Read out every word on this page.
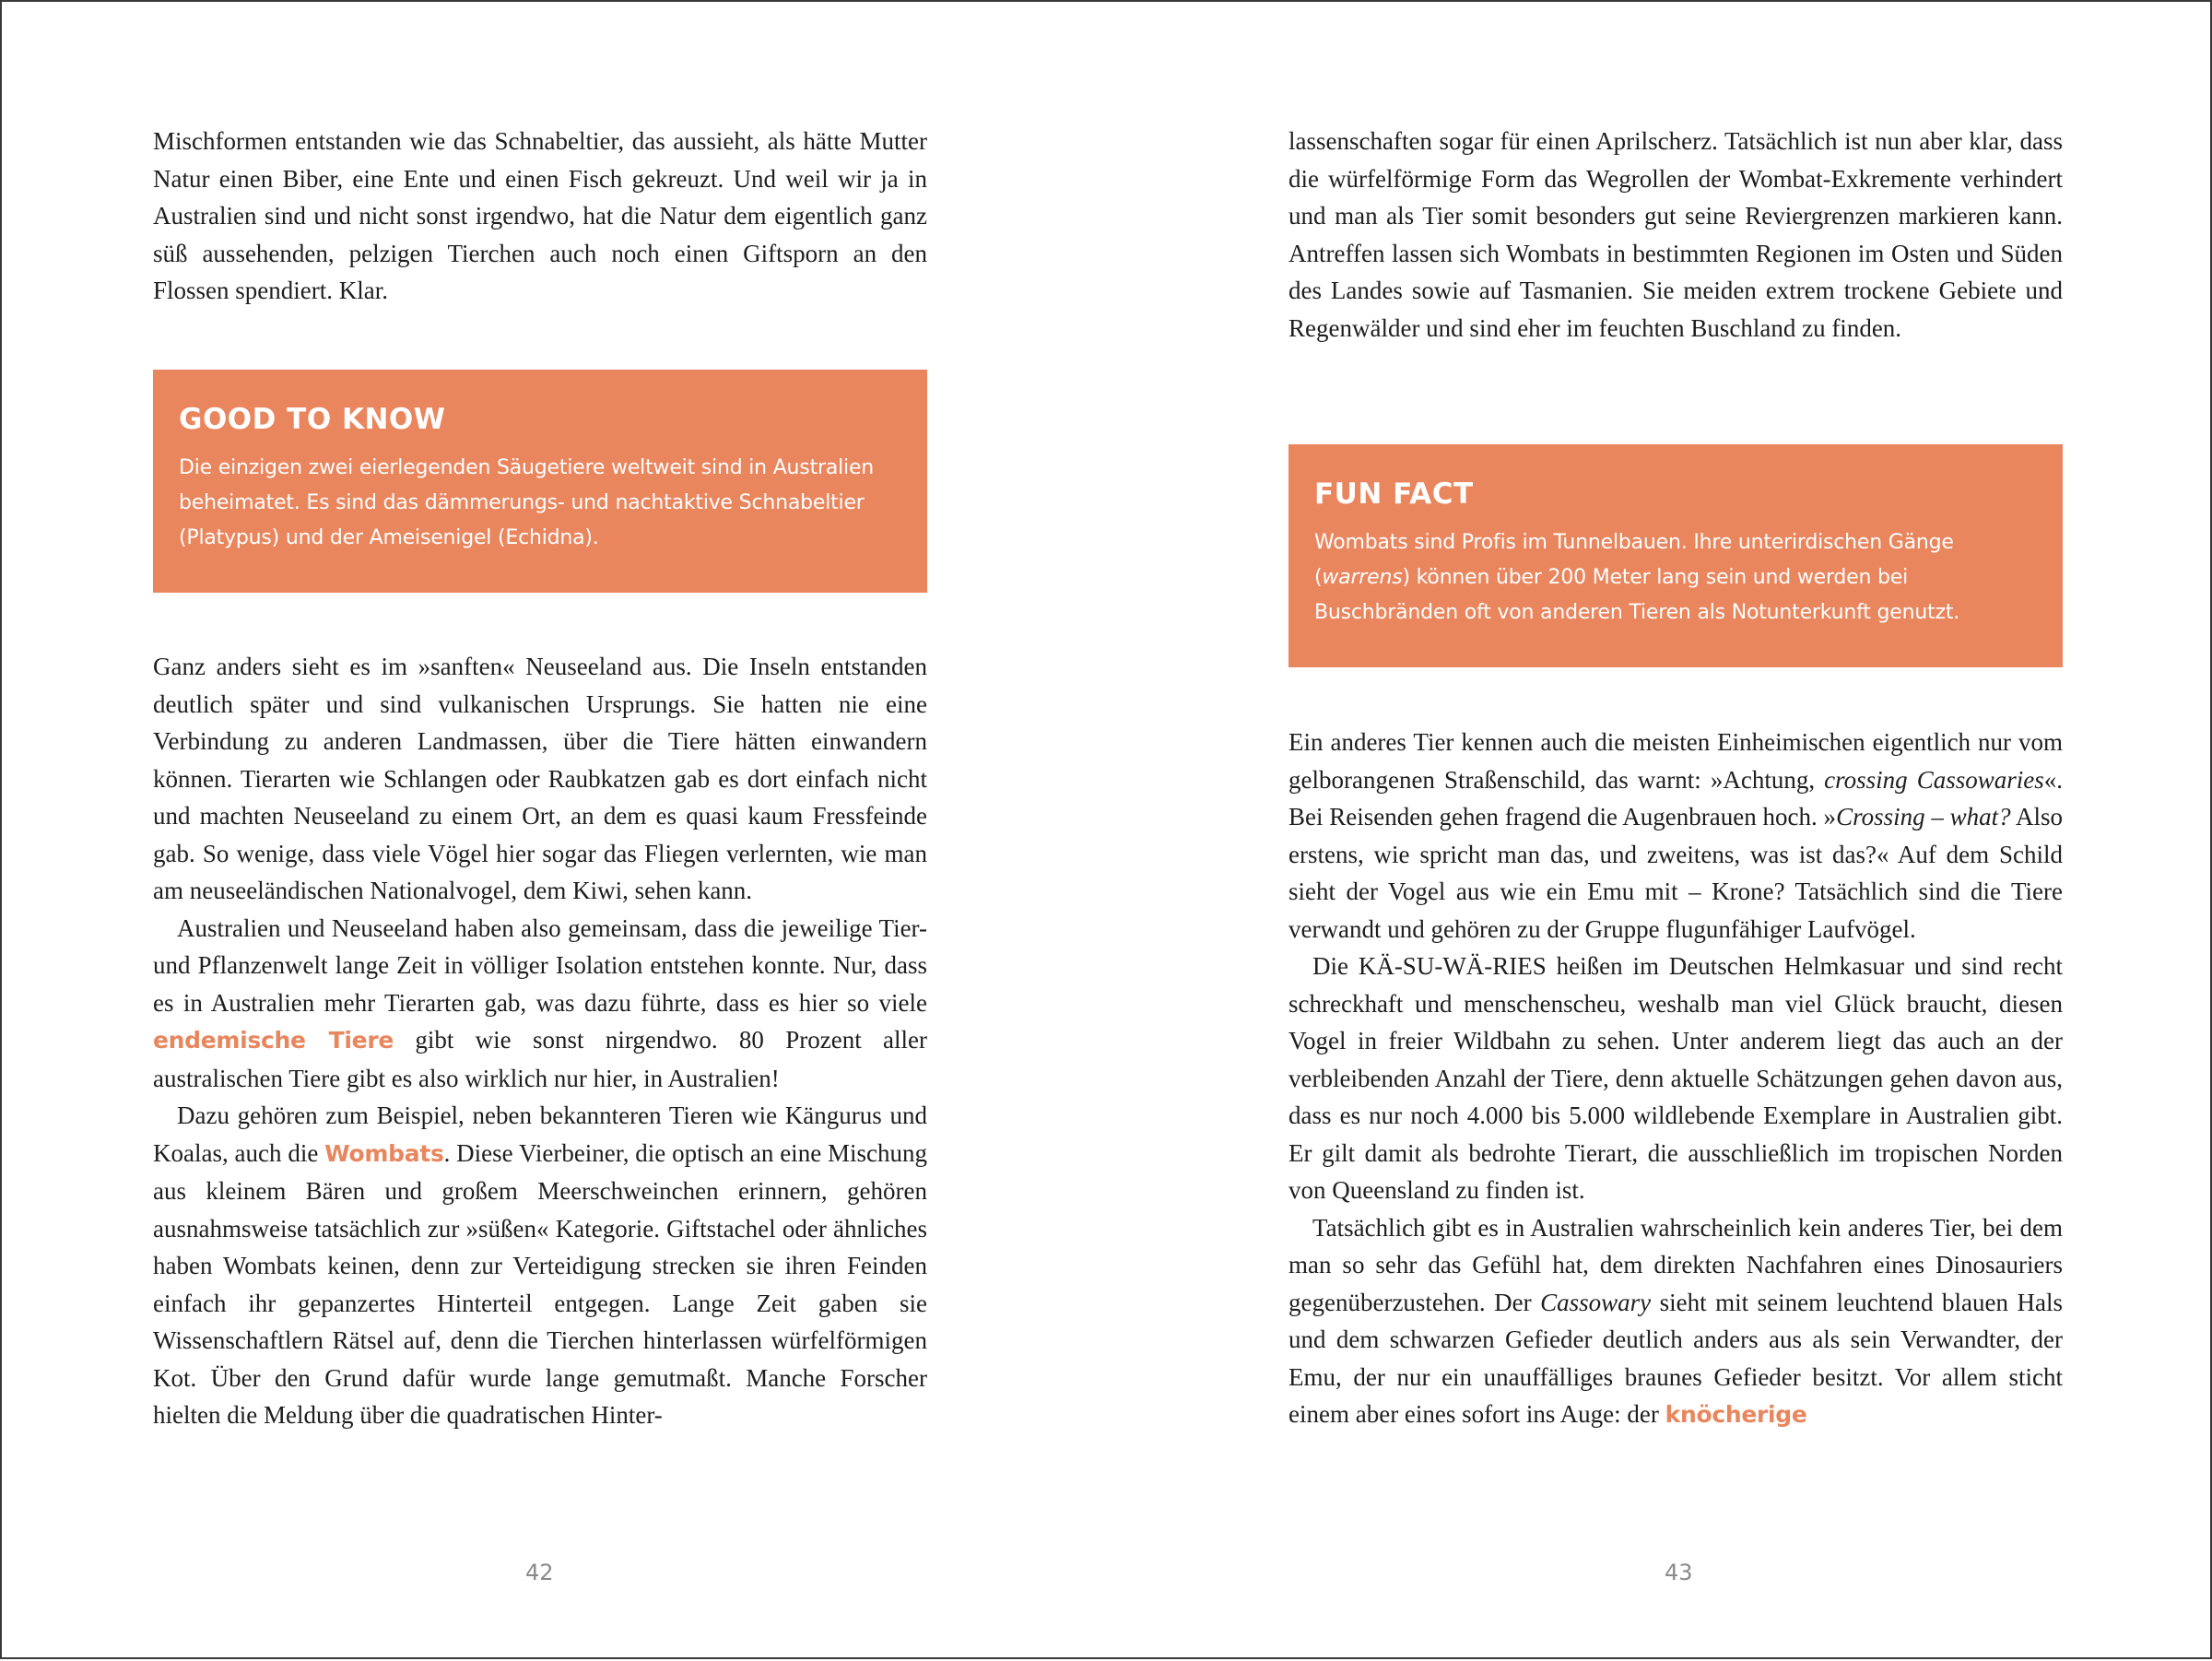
Mischformen entstanden wie das Schnabeltier, das aussieht, als hätte Mutter Natur einen Biber, eine Ente und einen Fisch gekreuzt. Und weil wir ja in Australien sind und nicht sonst irgendwo, hat die Natur dem eigentlich ganz süß aussehenden, pelzigen Tierchen auch noch einen Giftsporn an den Flossen spendiert. Klar.

GOOD TO KNOW
Die einzigen zwei eierlegenden Säugetiere weltweit sind in Australien beheimatet. Es sind das dämmerungs- und nachtaktive Schnabeltier (Platypus) und der Ameisenigel (Echidna).

Ganz anders sieht es im »sanften« Neuseeland aus. Die Inseln entstanden deutlich später und sind vulkanischen Ursprungs. Sie hatten nie eine Verbindung zu anderen Landmassen, über die Tiere hätten einwandern können. Tierarten wie Schlangen oder Raubkatzen gab es dort einfach nicht und machten Neuseeland zu einem Ort, an dem es quasi kaum Fressfeinde gab. So wenige, dass viele Vögel hier sogar das Fliegen verlernten, wie man am neuseeländischen Nationalvogel, dem Kiwi, sehen kann.

Australien und Neuseeland haben also gemeinsam, dass die jeweilige Tier- und Pflanzenwelt lange Zeit in völliger Isolation entstehen konnte. Nur, dass es in Australien mehr Tierarten gab, was dazu führte, dass es hier so viele endemische Tiere gibt wie sonst nirgendwo. 80 Prozent aller australischen Tiere gibt es also wirklich nur hier, in Australien!

Dazu gehören zum Beispiel, neben bekannteren Tieren wie Kängurus und Koalas, auch die Wombats. Diese Vierbeiner, die optisch an eine Mischung aus kleinem Bären und großem Meerschweinchen erinnern, gehören ausnahmsweise tatsächlich zur »süßen« Kategorie. Giftstachel oder ähnliches haben Wombats keinen, denn zur Verteidigung strecken sie ihren Feinden einfach ihr gepanzertes Hinterteil entgegen. Lange Zeit gaben sie Wissenschaftlern Rätsel auf, denn die Tierchen hinterlassen würfelförmigen Kot. Über den Grund dafür wurde lange gemutmaßt. Manche Forscher hielten die Meldung über die quadratischen Hinter-

42

lassenschaften sogar für einen Aprilscherz. Tatsächlich ist nun aber klar, dass die würfelförmige Form das Wegrollen der Wombat-Exkremente verhindert und man als Tier somit besonders gut seine Reviergrenzen markieren kann. Antreffen lassen sich Wombats in bestimmten Regionen im Osten und Süden des Landes sowie auf Tasmanien. Sie meiden extrem trockene Gebiete und Regenwälder und sind eher im feuchten Buschland zu finden.

FUN FACT
Wombats sind Profis im Tunnelbauen. Ihre unterirdischen Gänge (warrens) können über 200 Meter lang sein und werden bei Buschbränden oft von anderen Tieren als Notunterkunft genutzt.

Ein anderes Tier kennen auch die meisten Einheimischen eigentlich nur vom gelborangenen Straßenschild, das warnt: »Achtung, crossing Cassowaries«. Bei Reisenden gehen fragend die Augenbrauen hoch. »Crossing – what? Also erstens, wie spricht man das, und zweitens, was ist das?« Auf dem Schild sieht der Vogel aus wie ein Emu mit – Krone? Tatsächlich sind die Tiere verwandt und gehören zu der Gruppe flugunfähiger Laufvögel.

Die KÄ-SU-WÄ-RIES heißen im Deutschen Helmkasuar und sind recht schreckhaft und menschenscheu, weshalb man viel Glück braucht, diesen Vogel in freier Wildbahn zu sehen. Unter anderem liegt das auch an der verbleibenden Anzahl der Tiere, denn aktuelle Schätzungen gehen davon aus, dass es nur noch 4.000 bis 5.000 wildlebende Exemplare in Australien gibt. Er gilt damit als bedrohte Tierart, die ausschließlich im tropischen Norden von Queensland zu finden ist.

Tatsächlich gibt es in Australien wahrscheinlich kein anderes Tier, bei dem man so sehr das Gefühl hat, dem direkten Nachfahren eines Dinosauriers gegenüberzustehen. Der Cassowary sieht mit seinem leuchtend blauen Hals und dem schwarzen Gefieder deutlich anders aus als sein Verwandter, der Emu, der nur ein unauffälliges braunes Gefieder besitzt. Vor allem sticht einem aber eines sofort ins Auge: der knöcherige

43
